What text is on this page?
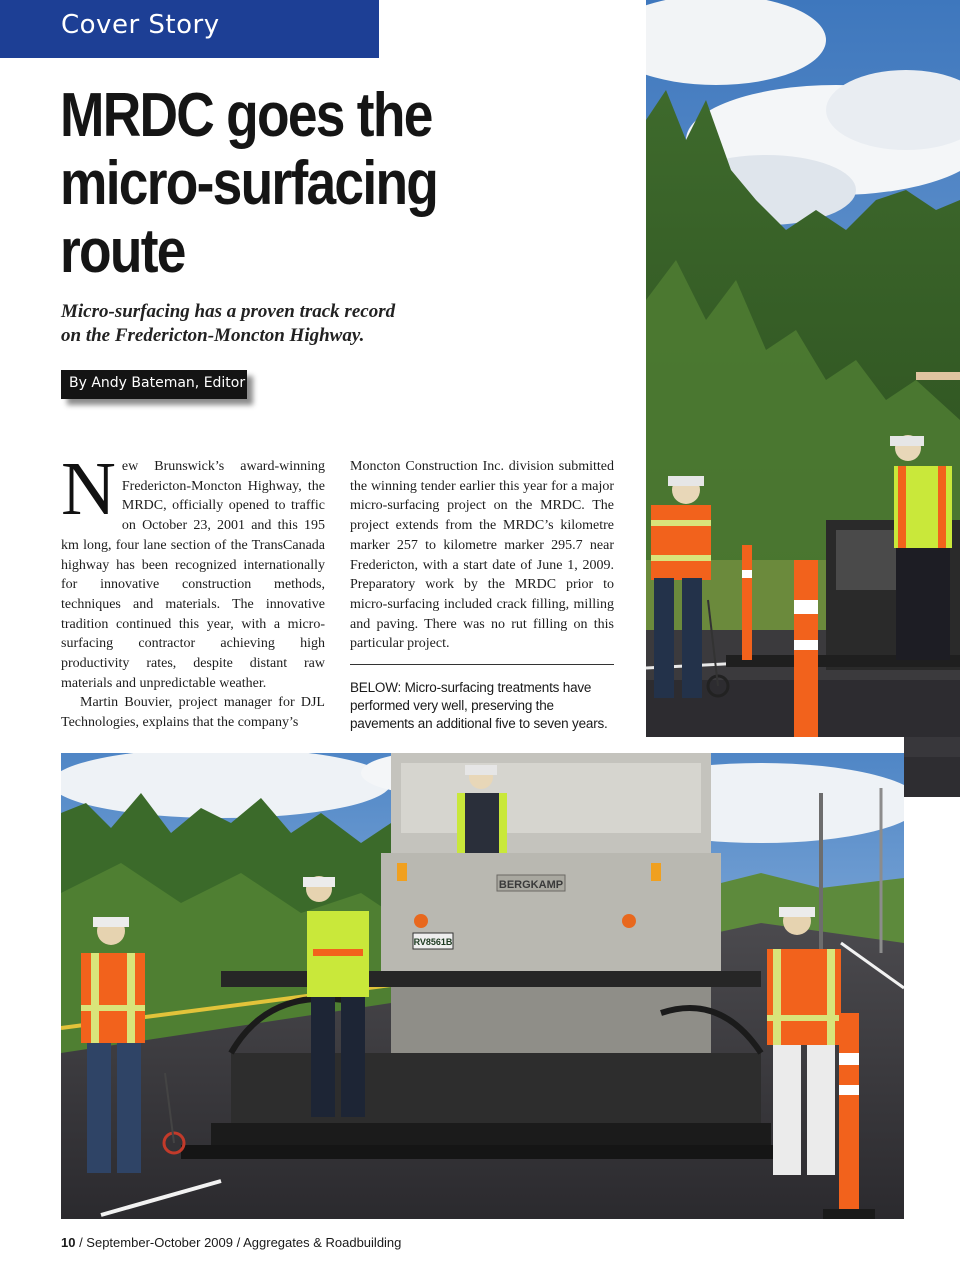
Cover Story
MRDC goes the
micro-surfacing
route
Micro-surfacing has a proven track record
on the Fredericton-Moncton Highway.
By Andy Bateman, Editor
N ew Brunswick’s award-winning Fredericton-Moncton Highway, the MRDC, officially opened to traffic on October 23, 2001 and this 195 km long, four lane section of the TransCanada highway has been recognized internationally for innovative construction methods, techniques and materials. The innovative tradition continued this year, with a micro-surfacing contractor achieving high productivity rates, despite distant raw materials and unpredictable weather.

Martin Bouvier, project manager for DJL Technologies, explains that the company’s

Moncton Construction Inc. division submitted the winning tender earlier this year for a major micro-surfacing project on the MRDC. The project extends from the MRDC’s kilometre marker 257 to kilometre marker 295.7 near Fredericton, with a start date of June 1, 2009. Preparatory work by the MRDC prior to micro-surfacing included crack filling, milling and paving. There was no rut filling on this particular project.

BELOW: Micro-surfacing treatments have performed very well, preserving the pavements an additional five to seven years.
BERGKAMP
RV8561B
10 / September-October 2009 / Aggregates & Roadbuilding
